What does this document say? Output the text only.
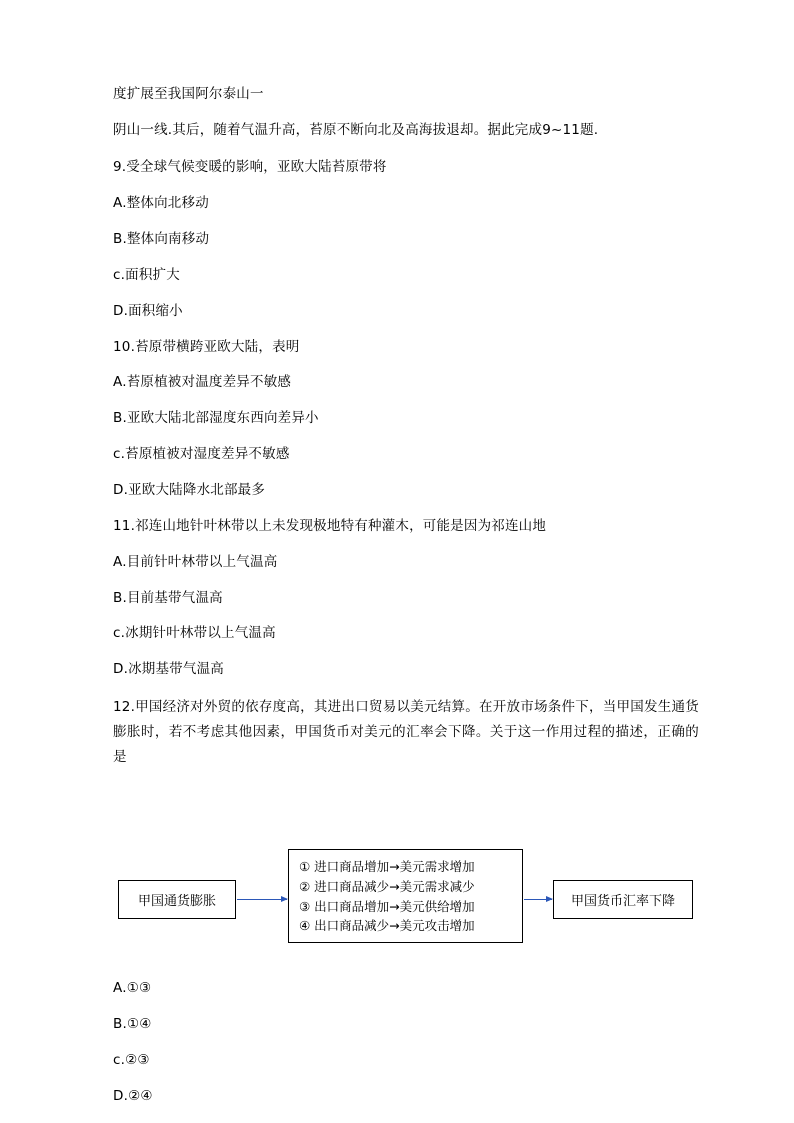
度扩展至我国阿尔泰山一

阴山一线.其后，随着气温升高，苔原不断向北及高海拔退却。据此完成9~11题.

9.受全球气候变暖的影响，亚欧大陆苔原带将

A.整体向北移动

B.整体向南移动

c.面积扩大

D.面积缩小

10.苔原带横跨亚欧大陆，表明

A.苔原植被对温度差异不敏感

B.亚欧大陆北部湿度东西向差异小

c.苔原植被对湿度差异不敏感

D.亚欧大陆降水北部最多

11.祁连山地针叶林带以上未发现极地特有种灌木，可能是因为祁连山地

A.目前针叶林带以上气温高

B.目前基带气温高

c.冰期针叶林带以上气温高

D.冰期基带气温高

12.甲国经济对外贸的依存度高，其进出口贸易以美元结算。在开放市场条件下，当甲国发生通货膨胀时，若不考虑其他因素，甲国货币对美元的汇率会下降。关于这一作用过程的描述，正确的是

甲国通货膨胀
① 进口商品增加→美元需求增加
② 进口商品减少→美元需求减少
③ 出口商品增加→美元供给增加
④ 出口商品减少→美元攻击增加
甲国货币汇率下降

A.①③

B.①④

c.②③

D.②④
